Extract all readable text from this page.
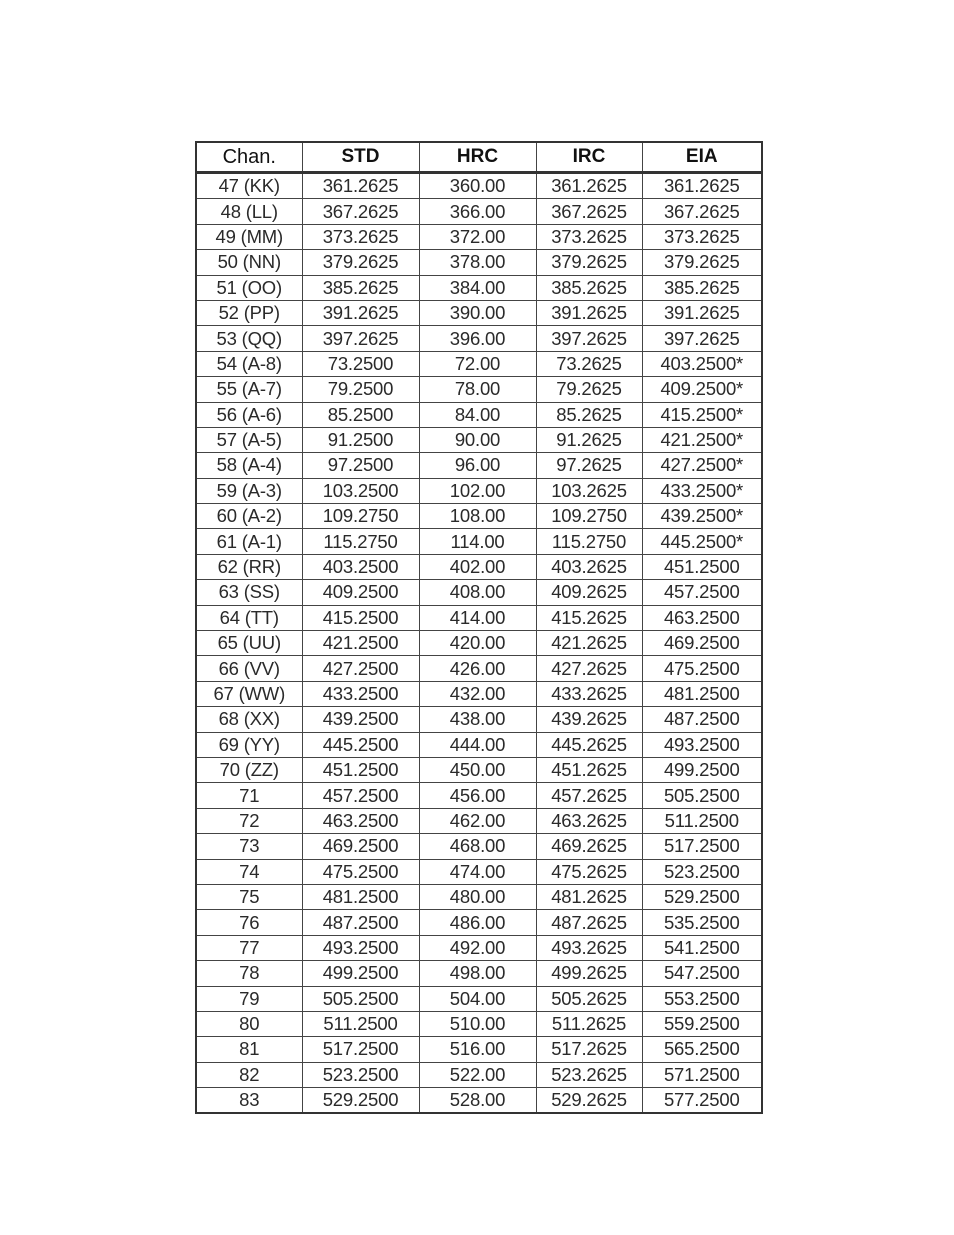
Chan.	STD	HRC	IRC	EIA
47 (KK)	361.2625	360.00	361.2625	361.2625
48 (LL)	367.2625	366.00	367.2625	367.2625
49 (MM)	373.2625	372.00	373.2625	373.2625
50 (NN)	379.2625	378.00	379.2625	379.2625
51 (OO)	385.2625	384.00	385.2625	385.2625
52 (PP)	391.2625	390.00	391.2625	391.2625
53 (QQ)	397.2625	396.00	397.2625	397.2625
54 (A-8)	73.2500	72.00	73.2625	403.2500*
55 (A-7)	79.2500	78.00	79.2625	409.2500*
56 (A-6)	85.2500	84.00	85.2625	415.2500*
57 (A-5)	91.2500	90.00	91.2625	421.2500*
58 (A-4)	97.2500	96.00	97.2625	427.2500*
59 (A-3)	103.2500	102.00	103.2625	433.2500*
60 (A-2)	109.2750	108.00	109.2750	439.2500*
61 (A-1)	115.2750	114.00	115.2750	445.2500*
62 (RR)	403.2500	402.00	403.2625	451.2500
63 (SS)	409.2500	408.00	409.2625	457.2500
64 (TT)	415.2500	414.00	415.2625	463.2500
65 (UU)	421.2500	420.00	421.2625	469.2500
66 (VV)	427.2500	426.00	427.2625	475.2500
67 (WW)	433.2500	432.00	433.2625	481.2500
68 (XX)	439.2500	438.00	439.2625	487.2500
69 (YY)	445.2500	444.00	445.2625	493.2500
70 (ZZ)	451.2500	450.00	451.2625	499.2500
71	457.2500	456.00	457.2625	505.2500
72	463.2500	462.00	463.2625	511.2500
73	469.2500	468.00	469.2625	517.2500
74	475.2500	474.00	475.2625	523.2500
75	481.2500	480.00	481.2625	529.2500
76	487.2500	486.00	487.2625	535.2500
77	493.2500	492.00	493.2625	541.2500
78	499.2500	498.00	499.2625	547.2500
79	505.2500	504.00	505.2625	553.2500
80	511.2500	510.00	511.2625	559.2500
81	517.2500	516.00	517.2625	565.2500
82	523.2500	522.00	523.2625	571.2500
83	529.2500	528.00	529.2625	577.2500
